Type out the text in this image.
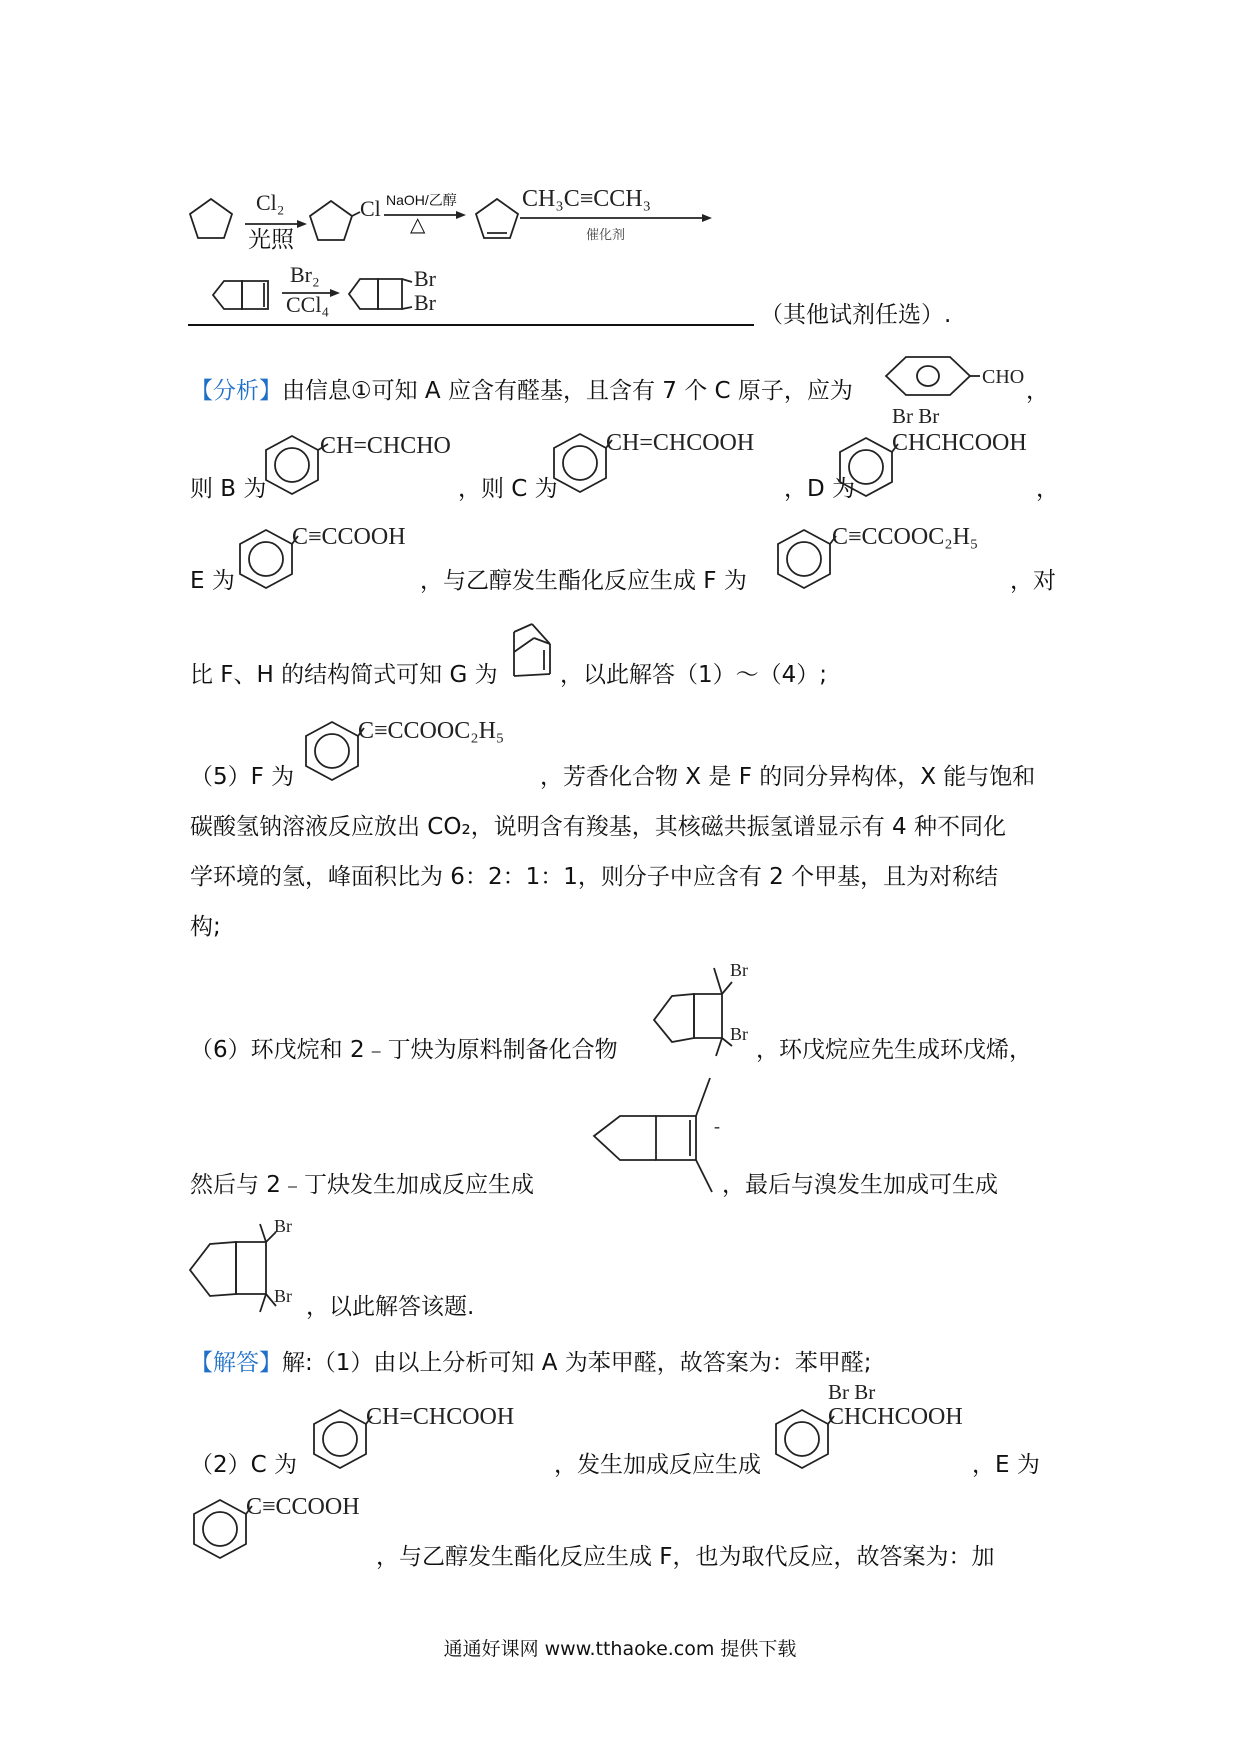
Cl₂
光照
Cl NaOH/乙醇
△
CH₃C≡CCH₃
催化剂
Br₂
CCl₄
Br
Br	（其他试剂任选）.
【分析】由信息①可知 A 应含有醛基，且含有 7 个 C 原子，应为
CHO
，
则 B 为
CH=CHCHO
，则 C 为
CH=CHCOOH
，D 为
Br Br
CHCHCOOH
，
E 为
C≡CCOOH
，与乙醇发生酯化反应生成 F 为
C≡CCOOC₂H₅
，对
比 F、H 的结构简式可知 G 为	，以此解答（1）～（4）;
（5）F 为
C≡CCOOC₂H₅
，芳香化合物 X 是 F 的同分异构体，X 能与饱和
碳酸氢钠溶液反应放出 CO₂，说明含有羧基，其核磁共振氢谱显示有 4 种不同化
学环境的氢，峰面积比为 6：2：1：1，则分子中应含有 2 个甲基，且为对称结
构;
（6）环戊烷和 2﹣丁炔为原料制备化合物
Br
Br
，环戊烷应先生成环戊烯，
然后与 2﹣丁炔发生加成反应生成
-
，最后与溴发生加成可生成
Br
Br ，以此解答该题.
【解答】解:（1）由以上分析可知 A 为苯甲醛，故答案为：苯甲醛;
（2）C 为
CH=CHCOOH
，发生加成反应生成
Br Br
CHCHCOOH
，E 为
C≡CCOOH
，与乙醇发生酯化反应生成 F，也为取代反应，故答案为：加
通通好课网 www.tthaoke.com 提供下载
